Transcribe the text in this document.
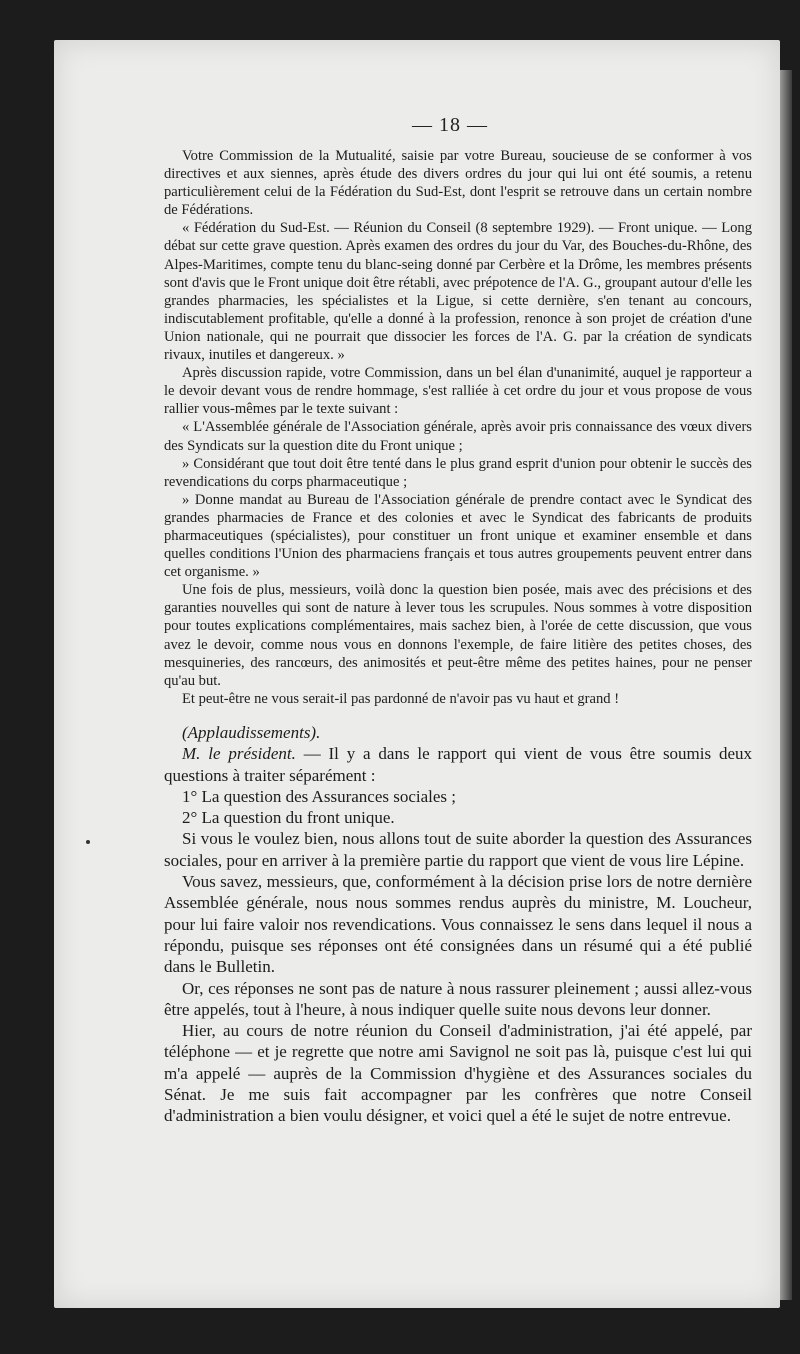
— 18 —

Votre Commission de la Mutualité, saisie par votre Bureau, soucieuse de se conformer à vos directives et aux siennes, après étude des divers ordres du jour qui lui ont été soumis, a retenu particulièrement celui de la Fédération du Sud-Est, dont l'esprit se retrouve dans un certain nombre de Fédérations.

« Fédération du Sud-Est. — Réunion du Conseil (8 septembre 1929). — Front unique. — Long débat sur cette grave question. Après examen des ordres du jour du Var, des Bouches-du-Rhône, des Alpes-Maritimes, compte tenu du blanc-seing donné par Cerbère et la Drôme, les membres présents sont d'avis que le Front unique doit être rétabli, avec prépotence de l'A. G., groupant autour d'elle les grandes pharmacies, les spécialistes et la Ligue, si cette dernière, s'en tenant au concours, indiscutablement profitable, qu'elle a donné à la profession, renonce à son projet de création d'une Union nationale, qui ne pourrait que dissocier les forces de l'A. G. par la création de syndicats rivaux, inutiles et dangereux. »

Après discussion rapide, votre Commission, dans un bel élan d'unanimité, auquel je rapporteur a le devoir devant vous de rendre hommage, s'est ralliée à cet ordre du jour et vous propose de vous rallier vous-mêmes par le texte suivant :

« L'Assemblée générale de l'Association générale, après avoir pris connaissance des vœux divers des Syndicats sur la question dite du Front unique ;

» Considérant que tout doit être tenté dans le plus grand esprit d'union pour obtenir le succès des revendications du corps pharmaceutique ;

» Donne mandat au Bureau de l'Association générale de prendre contact avec le Syndicat des grandes pharmacies de France et des colonies et avec le Syndicat des fabricants de produits pharmaceutiques (spécialistes), pour constituer un front unique et examiner ensemble et dans quelles conditions l'Union des pharmaciens français et tous autres groupements peuvent entrer dans cet organisme. »

Une fois de plus, messieurs, voilà donc la question bien posée, mais avec des précisions et des garanties nouvelles qui sont de nature à lever tous les scrupules. Nous sommes à votre disposition pour toutes explications complémentaires, mais sachez bien, à l'orée de cette discussion, que vous avez le devoir, comme nous vous en donnons l'exemple, de faire litière des petites choses, des mesquineries, des rancœurs, des animosités et peut-être même des petites haines, pour ne penser qu'au but.

Et peut-être ne vous serait-il pas pardonné de n'avoir pas vu haut et grand !

(Applaudissements).

M. le président. — Il y a dans le rapport qui vient de vous être soumis deux questions à traiter séparément :

1° La question des Assurances sociales ;

2° La question du front unique.

Si vous le voulez bien, nous allons tout de suite aborder la question des Assurances sociales, pour en arriver à la première partie du rapport que vient de vous lire Lépine.

Vous savez, messieurs, que, conformément à la décision prise lors de notre dernière Assemblée générale, nous nous sommes rendus auprès du ministre, M. Loucheur, pour lui faire valoir nos revendications. Vous connaissez le sens dans lequel il nous a répondu, puisque ses réponses ont été consignées dans un résumé qui a été publié dans le Bulletin.

Or, ces réponses ne sont pas de nature à nous rassurer pleinement ; aussi allez-vous être appelés, tout à l'heure, à nous indiquer quelle suite nous devons leur donner.

Hier, au cours de notre réunion du Conseil d'administration, j'ai été appelé, par téléphone — et je regrette que notre ami Savignol ne soit pas là, puisque c'est lui qui m'a appelé — auprès de la Commission d'hygiène et des Assurances sociales du Sénat. Je me suis fait accompagner par les confrères que notre Conseil d'administration a bien voulu désigner, et voici quel a été le sujet de notre entrevue.
